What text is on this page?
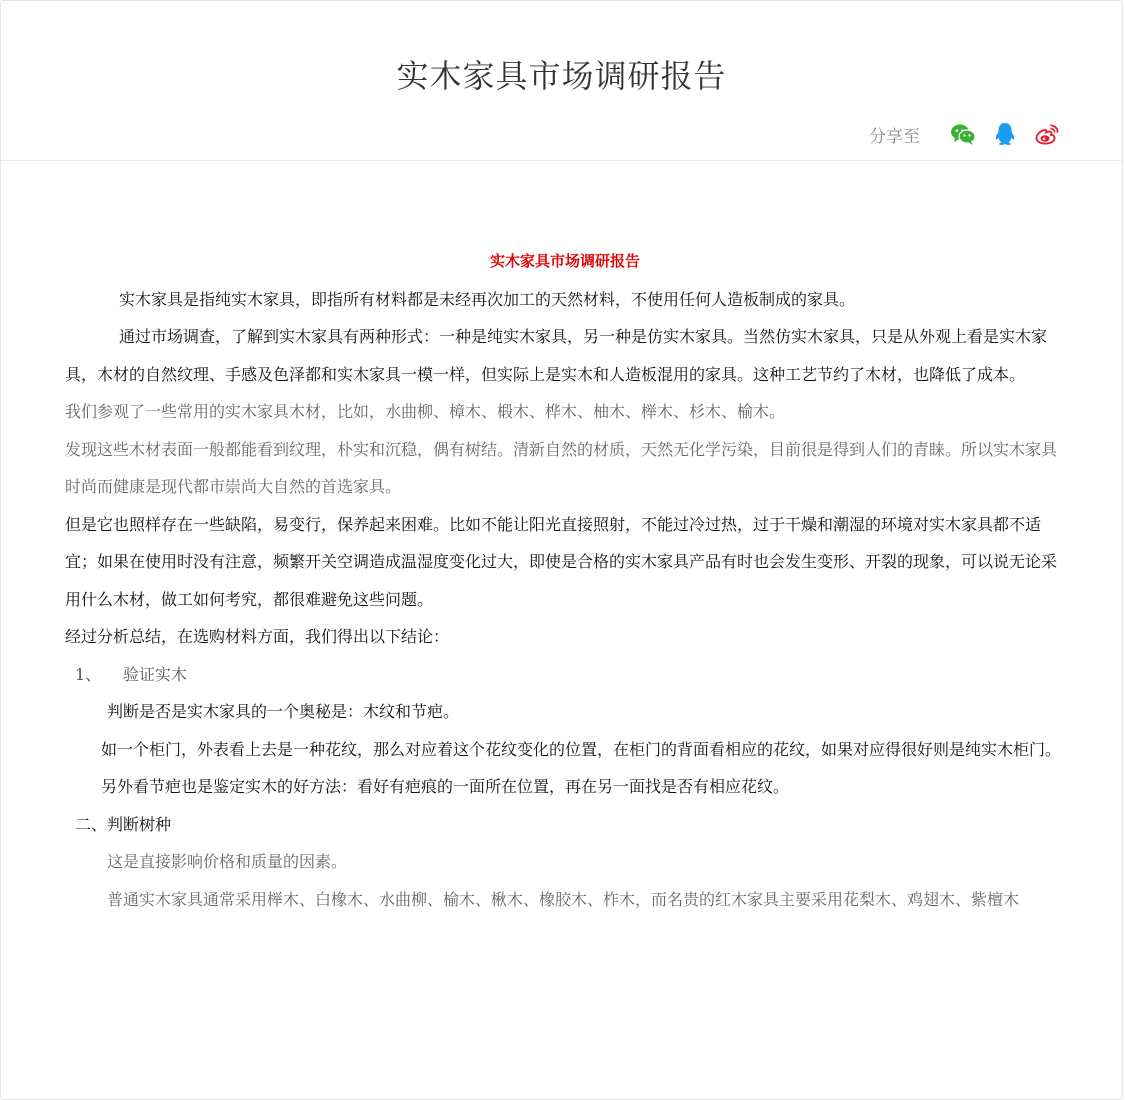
实木家具市场调研报告
分享至

实木家具市场调研报告

实木家具是指纯实木家具，即指所有材料都是未经再次加工的天然材料，不使用任何人造板制成的家具。

通过市场调查，了解到实木家具有两种形式：一种是纯实木家具，另一种是仿实木家具。当然仿实木家具，只是从外观上看是实木家具，木材的自然纹理、手感及色泽都和实木家具一模一样，但实际上是实木和人造板混用的家具。这种工艺节约了木材，也降低了成本。

我们参观了一些常用的实木家具木材，比如，水曲柳、樟木、椴木、桦木、柚木、榉木、杉木、榆木。

发现这些木材表面一般都能看到纹理，朴实和沉稳，偶有树结。清新自然的材质，天然无化学污染，目前很是得到人们的青睐。所以实木家具时尚而健康是现代都市崇尚大自然的首选家具。

但是它也照样存在一些缺陷，易变行，保养起来困难。比如不能让阳光直接照射，不能过冷过热，过于干燥和潮湿的环境对实木家具都不适宜；如果在使用时没有注意，频繁开关空调造成温湿度变化过大，即使是合格的实木家具产品有时也会发生变形、开裂的现象，可以说无论采用什么木材，做工如何考究，都很难避免这些问题。

经过分析总结，在选购材料方面，我们得出以下结论：

1、 验证实木

判断是否是实木家具的一个奥秘是：木纹和节疤。

如一个柜门，外表看上去是一种花纹，那么对应着这个花纹变化的位置，在柜门的背面看相应的花纹，如果对应得很好则是纯实木柜门。

另外看节疤也是鉴定实木的好方法：看好有疤痕的一面所在位置，再在另一面找是否有相应花纹。

二、判断树种

这是直接影响价格和质量的因素。

普通实木家具通常采用榉木、白橡木、水曲柳、榆木、楸木、橡胶木、柞木，而名贵的红木家具主要采用花梨木、鸡翅木、紫檀木
